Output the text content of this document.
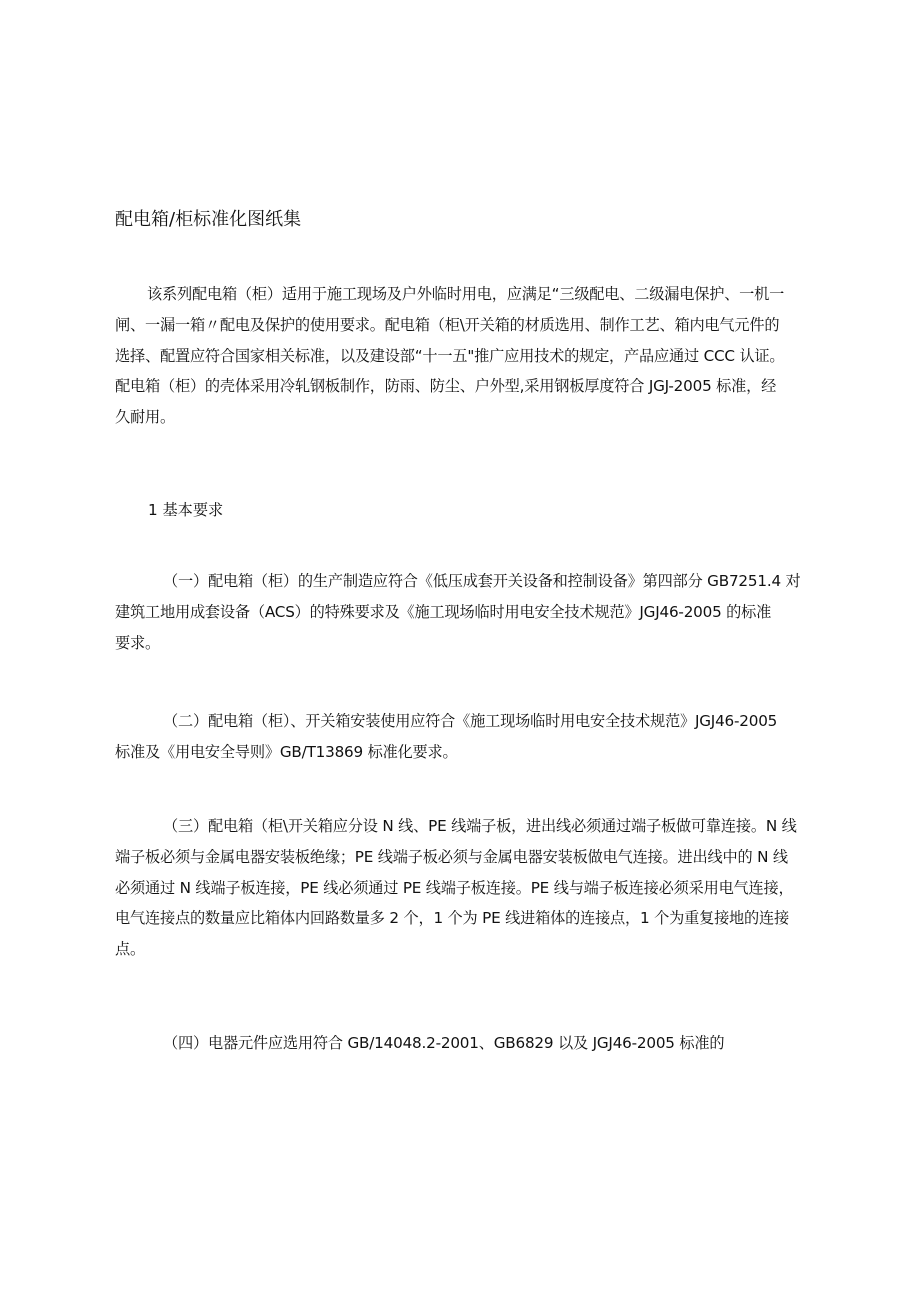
配电箱/柜标准化图纸集
该系列配电箱（柜）适用于施工现场及户外临时用电，应满足“三级配电、二级漏电保护、一机一
闸、一漏一箱〃配电及保护的使用要求。配电箱（柜\开关箱的材质选用、制作工艺、箱内电气元件的
选择、配置应符合国家相关标准，以及建设部“十一五"推广应用技术的规定，产品应通过 CCC 认证。
配电箱（柜）的壳体采用冷轧钢板制作，防雨、防尘、户外型,采用钢板厚度符合 JGJ-2005 标准，经
久耐用。
1 基本要求
（一）配电箱（柜）的生产制造应符合《低压成套开关设备和控制设备》第四部分 GB7251.4 对
建筑工地用成套设备（ACS）的特殊要求及《施工现场临时用电安全技术规范》JGJ46-2005 的标准
要求。
（二）配电箱（柜）、开关箱安装使用应符合《施工现场临时用电安全技术规范》JGJ46-2005
标准及《用电安全导则》GB/T13869 标准化要求。
（三）配电箱（柜\开关箱应分设 N 线、PE 线端子板，进出线必须通过端子板做可靠连接。N 线
端子板必须与金属电器安装板绝缘；PE 线端子板必须与金属电器安装板做电气连接。进出线中的 N 线
必须通过 N 线端子板连接，PE 线必须通过 PE 线端子板连接。PE 线与端子板连接必须采用电气连接，
电气连接点的数量应比箱体内回路数量多 2 个，1 个为 PE 线进箱体的连接点，1 个为重复接地的连接
点。
（四）电器元件应选用符合 GB/14048.2-2001、GB6829 以及 JGJ46-2005 标准的
